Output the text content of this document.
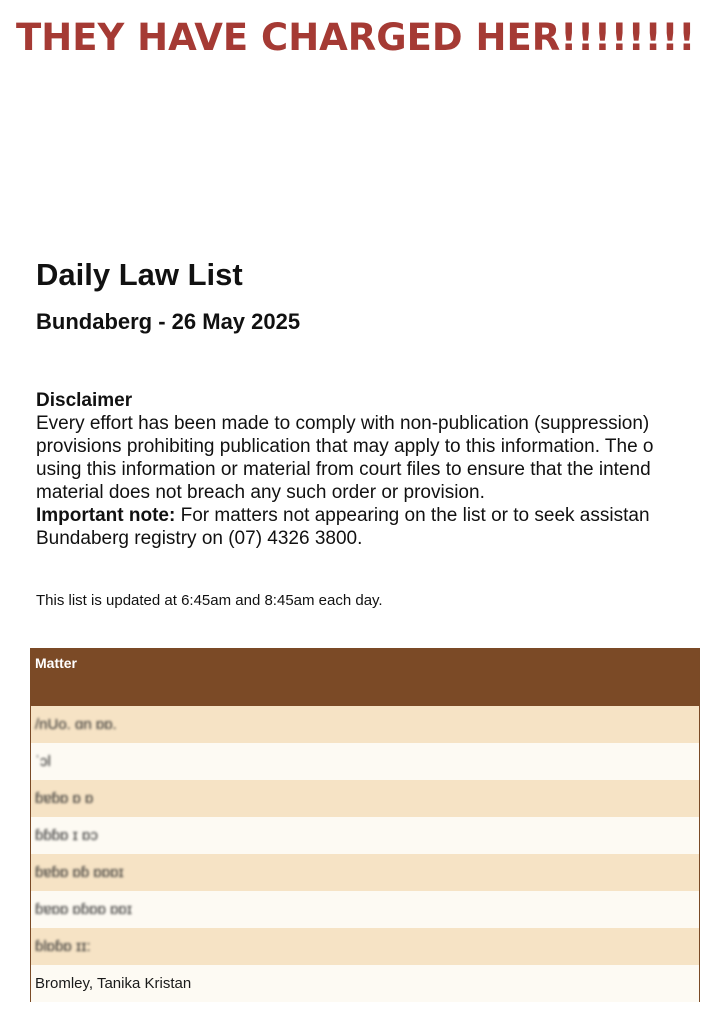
THEY HAVE CHARGED HER!!!!!!!!
Daily Law List
Bundaberg - 26 May 2025
Disclaimer
Every effort has been made to comply with non-publication (suppression)
provisions prohibiting publication that may apply to this information. The o
using this information or material from court files to ensure that the intend
material does not breach any such order or provision.
Important note: For matters not appearing on the list or to seek assistan
Bundaberg registry on (07) 4326 3800.
This list is updated at 6:45am and 8:45am each day.
Matter
/nUo. ɑn ɒɒ.
ˈɔl
ɓɐɓɒ ɒ ɒ
ɓɓɓɒ ɪ ɒɔ
ɓɐɓɒ ɒɓ ɒɒɒɪ
ɓɐɒɒ ɒɓɒɒ ɒɒɪ
ɓlɒɓɒ ɪɪ:
Bromley, Tanika Kristan
